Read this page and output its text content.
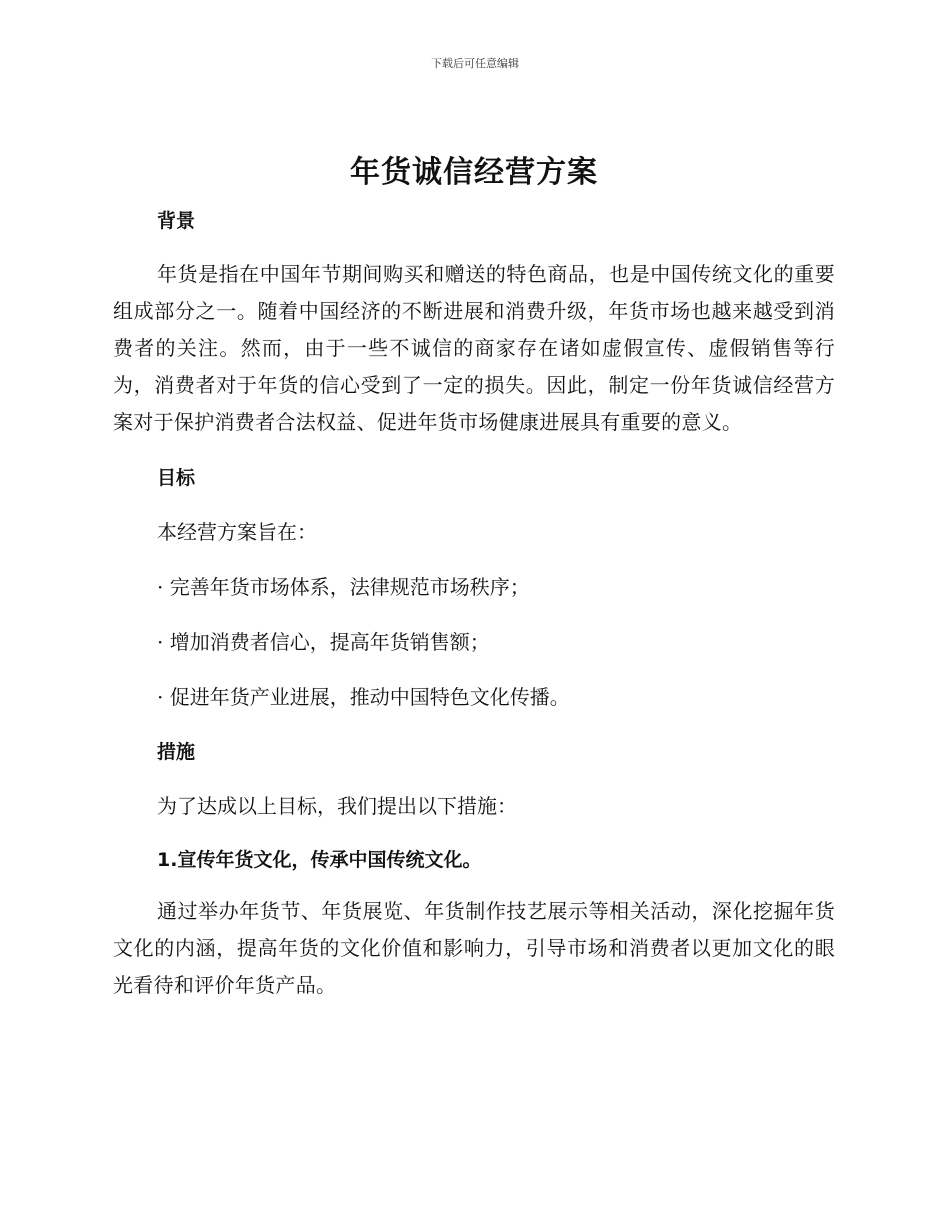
下载后可任意编辑
年货诚信经营方案
背景

年货是指在中国年节期间购买和赠送的特色商品，也是中国传统文化的重要组成部分之一。随着中国经济的不断进展和消费升级，年货市场也越来越受到消费者的关注。然而，由于一些不诚信的商家存在诸如虚假宣传、虚假销售等行为，消费者对于年货的信心受到了一定的损失。因此，制定一份年货诚信经营方案对于保护消费者合法权益、促进年货市场健康进展具有重要的意义。

目标

本经营方案旨在：

· 完善年货市场体系，法律规范市场秩序；

· 增加消费者信心，提高年货销售额；

· 促进年货产业进展，推动中国特色文化传播。

措施

为了达成以上目标，我们提出以下措施：

1.宣传年货文化，传承中国传统文化。

通过举办年货节、年货展览、年货制作技艺展示等相关活动，深化挖掘年货文化的内涵，提高年货的文化价值和影响力，引导市场和消费者以更加文化的眼光看待和评价年货产品。
